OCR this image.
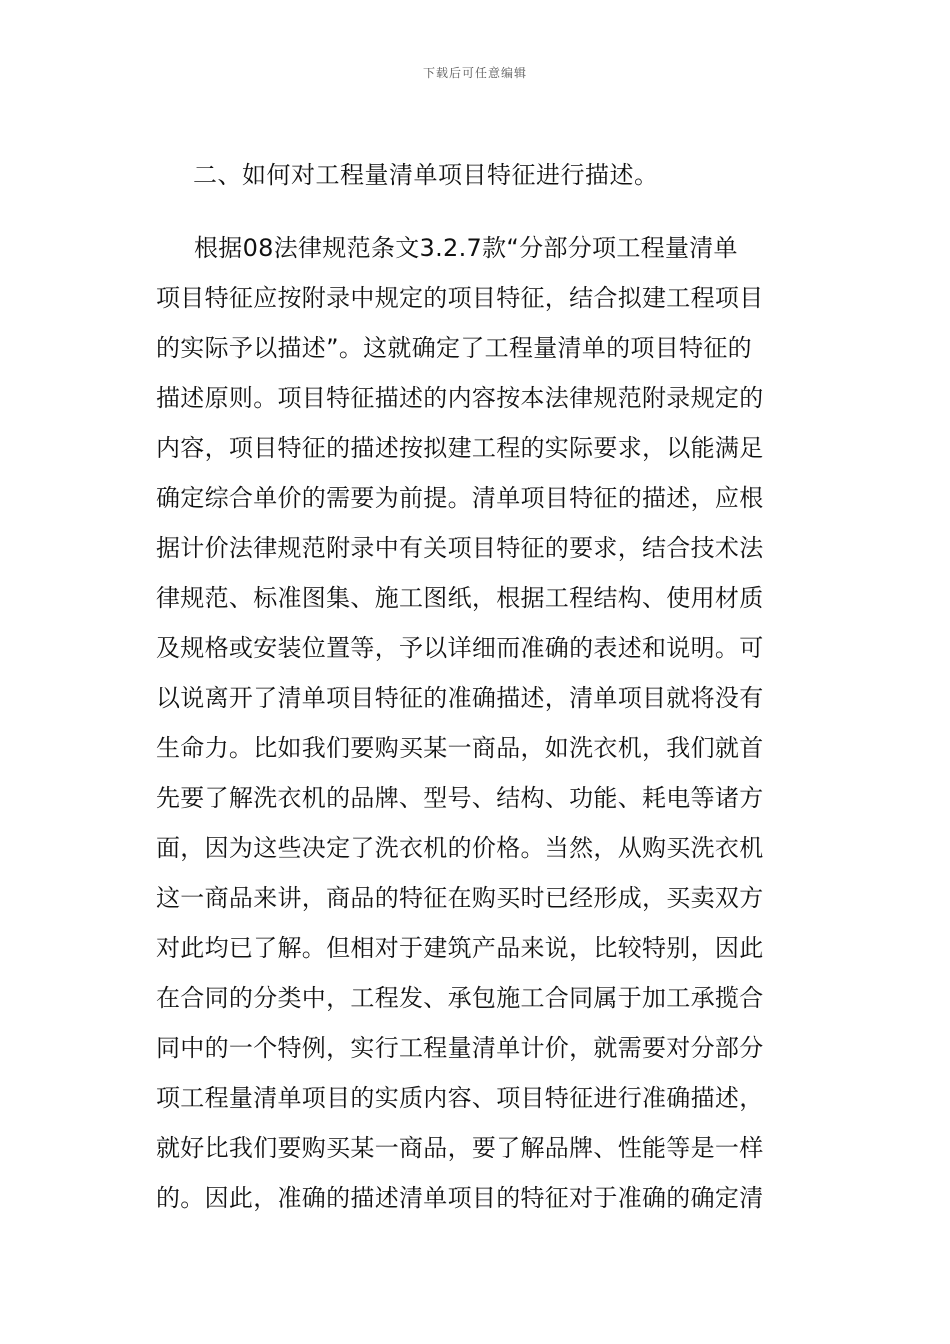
下载后可任意编辑
二、如何对工程量清单项目特征进行描述。
根据08法律规范条文3.2.7款“分部分项工程量清单
项目特征应按附录中规定的项目特征，结合拟建工程项目
的实际予以描述”。这就确定了工程量清单的项目特征的
描述原则。项目特征描述的内容按本法律规范附录规定的
内容，项目特征的描述按拟建工程的实际要求，以能满足
确定综合单价的需要为前提。清单项目特征的描述，应根
据计价法律规范附录中有关项目特征的要求，结合技术法
律规范、标准图集、施工图纸，根据工程结构、使用材质
及规格或安装位置等，予以详细而准确的表述和说明。可
以说离开了清单项目特征的准确描述，清单项目就将没有
生命力。比如我们要购买某一商品，如洗衣机，我们就首
先要了解洗衣机的品牌、型号、结构、功能、耗电等诸方
面，因为这些决定了洗衣机的价格。当然，从购买洗衣机
这一商品来讲，商品的特征在购买时已经形成，买卖双方
对此均已了解。但相对于建筑产品来说，比较特别，因此
在合同的分类中，工程发、承包施工合同属于加工承揽合
同中的一个特例，实行工程量清单计价，就需要对分部分
项工程量清单项目的实质内容、项目特征进行准确描述，
就好比我们要购买某一商品，要了解品牌、性能等是一样
的。因此，准确的描述清单项目的特征对于准确的确定清
